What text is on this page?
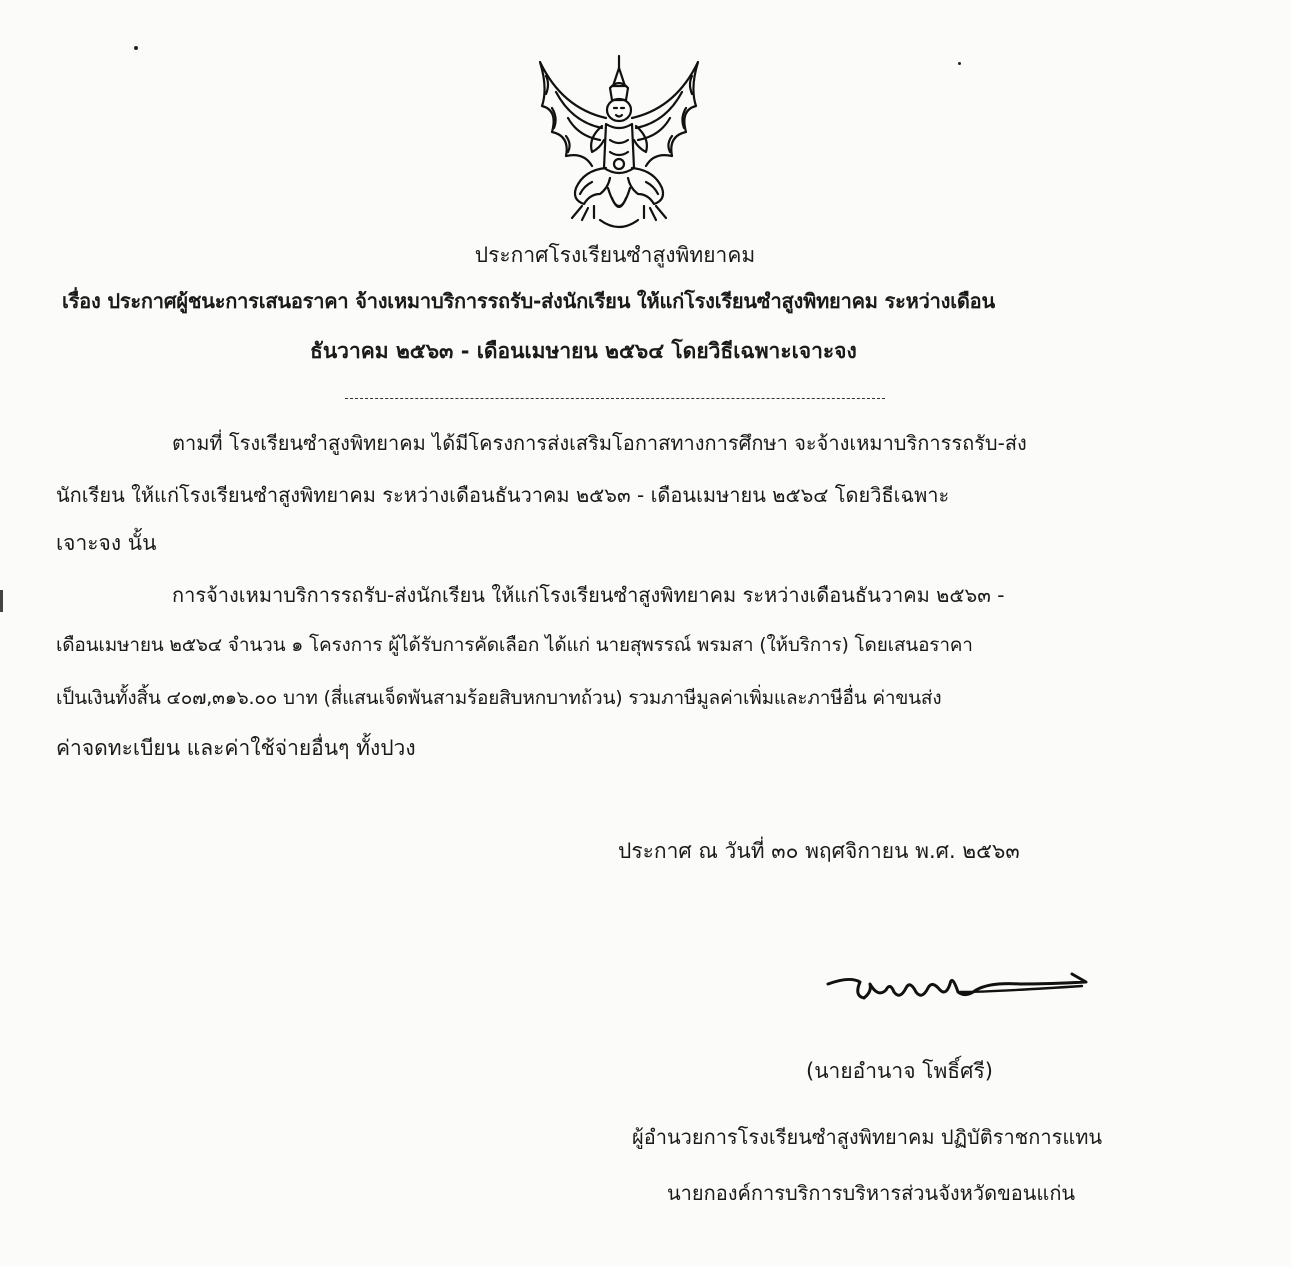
ประกาศโรงเรียนซำสูงพิทยาคม
เรื่อง ประกาศผู้ชนะการเสนอราคา จ้างเหมาบริการรถรับ-ส่งนักเรียน ให้แก่โรงเรียนซำสูงพิทยาคม ระหว่างเดือน
ธันวาคม ๒๕๖๓ - เดือนเมษายน ๒๕๖๔ โดยวิธีเฉพาะเจาะจง
ตามที่ โรงเรียนซำสูงพิทยาคม ได้มีโครงการส่งเสริมโอกาสทางการศึกษา จะจ้างเหมาบริการรถรับ-ส่ง
นักเรียน ให้แก่โรงเรียนซำสูงพิทยาคม ระหว่างเดือนธันวาคม ๒๕๖๓ - เดือนเมษายน ๒๕๖๔ โดยวิธีเฉพาะ
เจาะจง นั้น
การจ้างเหมาบริการรถรับ-ส่งนักเรียน ให้แก่โรงเรียนซำสูงพิทยาคม ระหว่างเดือนธันวาคม ๒๕๖๓ -
เดือนเมษายน ๒๕๖๔ จำนวน ๑ โครงการ ผู้ได้รับการคัดเลือก ได้แก่ นายสุพรรณ์ พรมสา (ให้บริการ) โดยเสนอราคา
เป็นเงินทั้งสิ้น ๔๐๗,๓๑๖.๐๐ บาท (สี่แสนเจ็ดพันสามร้อยสิบหกบาทถ้วน) รวมภาษีมูลค่าเพิ่มและภาษีอื่น ค่าขนส่ง
ค่าจดทะเบียน และค่าใช้จ่ายอื่นๆ ทั้งปวง
ประกาศ ณ วันที่ ๓๐ พฤศจิกายน พ.ศ. ๒๕๖๓
(นายอำนาจ โพธิ์ศรี)
ผู้อำนวยการโรงเรียนซำสูงพิทยาคม ปฏิบัติราชการแทน
นายกองค์การบริการบริหารส่วนจังหวัดขอนแก่น
